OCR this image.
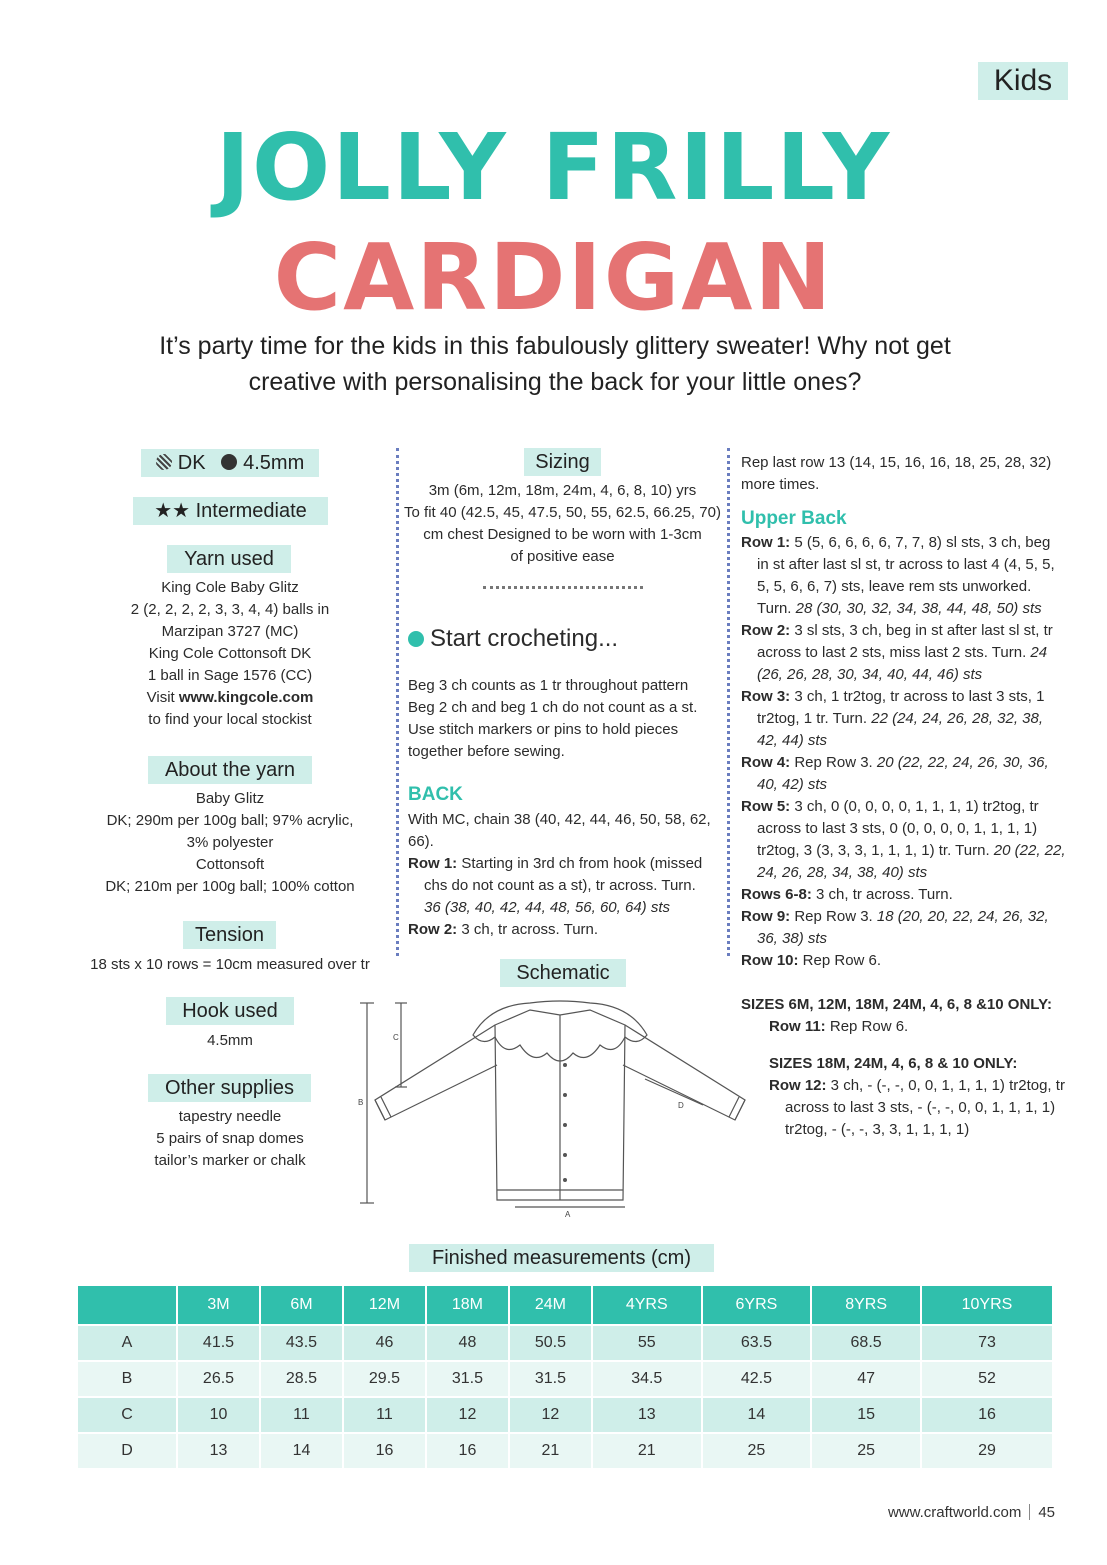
Kids
JOLLY FRILLY
CARDIGAN
It’s party time for the kids in this fabulously glittery sweater! Why not get creative with personalising the back for your little ones?
DK 4.5mm
★★ Intermediate
Yarn used
King Cole Baby Glitz
2 (2, 2, 2, 2, 3, 3, 4, 4) balls in
Marzipan 3727 (MC)
King Cole Cottonsoft DK
1 ball in Sage 1576 (CC)
Visit www.kingcole.com
to find your local stockist
About the yarn
Baby Glitz
DK; 290m per 100g ball; 97% acrylic,
3% polyester
Cottonsoft
DK; 210m per 100g ball; 100% cotton
Tension
18 sts x 10 rows = 10cm measured over tr
Hook used
4.5mm
Other supplies
tapestry needle
5 pairs of snap domes
tailor’s marker or chalk
Sizing
3m (6m, 12m, 18m, 24m, 4, 6, 8, 10) yrs
To fit 40 (42.5, 45, 47.5, 50, 55, 62.5, 66.25, 70)
cm chest Designed to be worn with 1-3cm
of positive ease
Start crocheting...
Beg 3 ch counts as 1 tr throughout pattern
Beg 2 ch and beg 1 ch do not count as a st.
Use stitch markers or pins to hold pieces
together before sewing.
BACK
With MC, chain 38 (40, 42, 44, 46, 50, 58, 62, 66).
Row 1: Starting in 3rd ch from hook (missed chs do not count as a st), tr across. Turn.
36 (38, 40, 42, 44, 48, 56, 60, 64) sts
Row 2: 3 ch, tr across. Turn.
Rep last row 13 (14, 15, 16, 16, 18, 25, 28, 32) more times.
Upper Back
Row 1: 5 (5, 6, 6, 6, 6, 7, 7, 8) sl sts, 3 ch, beg in st after last sl st, tr across to last 4 (4, 5, 5, 5, 5, 6, 6, 7) sts, leave rem sts unworked. Turn. 28 (30, 30, 32, 34, 38, 44, 48, 50) sts
Row 2: 3 sl sts, 3 ch, beg in st after last sl st, tr across to last 2 sts, miss last 2 sts. Turn. 24 (26, 26, 28, 30, 34, 40, 44, 46) sts
Row 3: 3 ch, 1 tr2tog, tr across to last 3 sts, 1 tr2tog, 1 tr. Turn. 22 (24, 24, 26, 28, 32, 38, 42, 44) sts
Row 4: Rep Row 3. 20 (22, 22, 24, 26, 30, 36, 40, 42) sts
Row 5: 3 ch, 0 (0, 0, 0, 0, 1, 1, 1, 1) tr2tog, tr across to last 3 sts, 0 (0, 0, 0, 0, 1, 1, 1, 1) tr2tog, 3 (3, 3, 3, 1, 1, 1, 1) tr. Turn. 20 (22, 22, 24, 26, 28, 34, 38, 40) sts
Rows 6-8: 3 ch, tr across. Turn.
Row 9: Rep Row 3. 18 (20, 20, 22, 24, 26, 32, 36, 38) sts
Row 10: Rep Row 6.
SIZES 6M, 12M, 18M, 24M, 4, 6, 8 &10 ONLY:
Row 11: Rep Row 6.
SIZES 18M, 24M, 4, 6, 8 & 10 ONLY:
Row 12: 3 ch, - (-, -, 0, 0, 1, 1, 1, 1) tr2tog, tr across to last 3 sts, - (-, -, 0, 0, 1, 1, 1, 1) tr2tog, - (-, -, 3, 3, 1, 1, 1, 1)
Schematic
B
C
A
D
Finished measurements (cm)
	3M	6M	12M	18M	24M	4YRS	6YRS	8YRS	10YRS
A	41.5	43.5	46	48	50.5	55	63.5	68.5	73
B	26.5	28.5	29.5	31.5	31.5	34.5	42.5	47	52
C	10	11	11	12	12	13	14	15	16
D	13	14	16	16	21	21	25	25	29
www.craftworld.com 45
